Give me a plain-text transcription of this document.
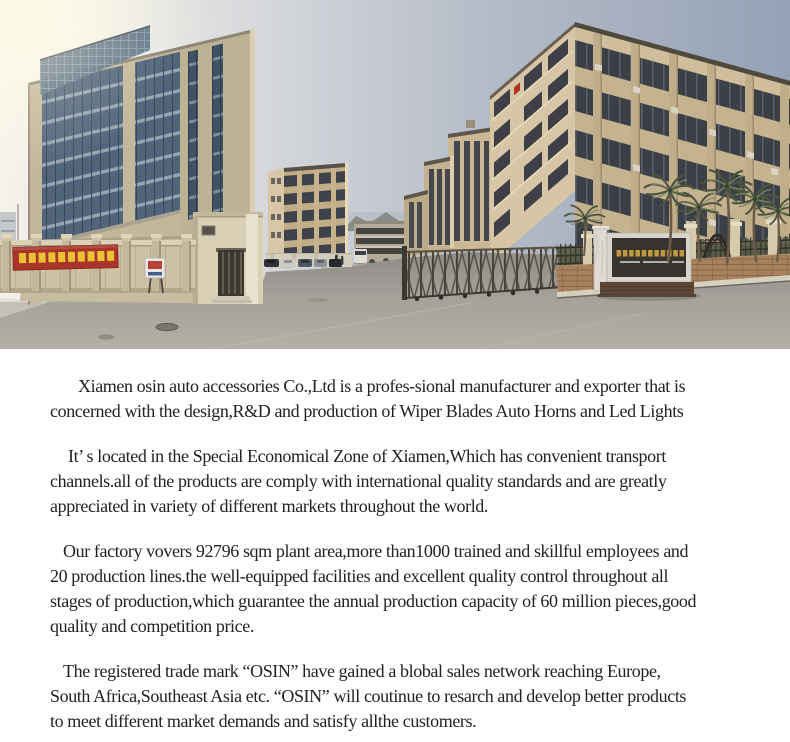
Xiamen osin auto accessories Co.,Ltd is a profes-sional manufacturer and exporter that is
concerned with the design,R&D and production of Wiper Blades Auto Horns and Led Lights

It’ s located in the Special Economical Zone of Xiamen,Which has convenient transport
channels.all of the products are comply with international quality standards and are greatly
appreciated in variety of different markets throughout the world.

Our factory vovers 92796 sqm plant area,more than1000 trained and skillful employees and
20 production lines.the well-equipped facilities and excellent quality control throughout all
stages of production,which guarantee the annual production capacity of 60 million pieces,good
quality and competition price.

The registered trade mark “OSIN” have gained a blobal sales network reaching Europe,
South Africa,Southeast Asia etc. “OSIN” will coutinue to resarch and develop better products
to meet different market demands and satisfy allthe customers.
